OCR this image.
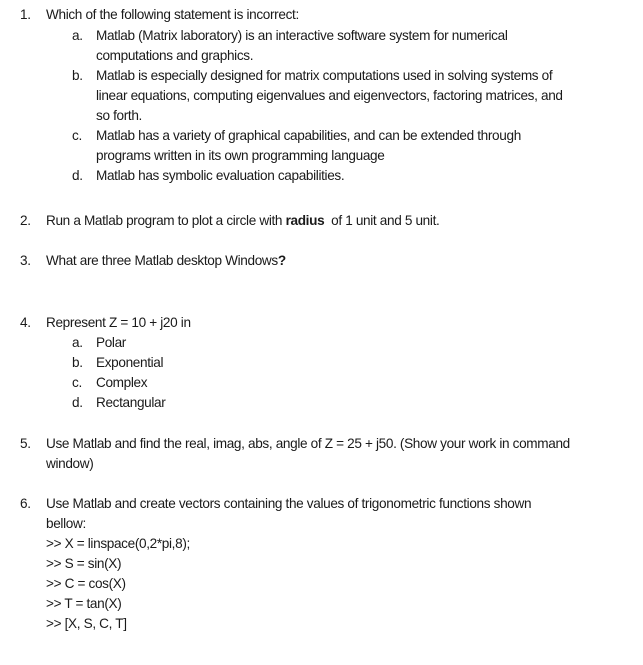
1. Which of the following statement is incorrect:
a. Matlab (Matrix laboratory) is an interactive software system for numerical
computations and graphics.
b. Matlab is especially designed for matrix computations used in solving systems of
linear equations, computing eigenvalues and eigenvectors, factoring matrices, and
so forth.
c. Matlab has a variety of graphical capabilities, and can be extended through
programs written in its own programming language
d. Matlab has symbolic evaluation capabilities.
2. Run a Matlab program to plot a circle with radius  of 1 unit and 5 unit.
3. What are three Matlab desktop Windows?
4. Represent Z = 10 + j20 in
a. Polar
b. Exponential
c. Complex
d. Rectangular
5. Use Matlab and find the real, imag, abs, angle of Z = 25 + j50. (Show your work in command
window)
6. Use Matlab and create vectors containing the values of trigonometric functions shown
bellow:
>> X = linspace(0,2*pi,8);
>> S = sin(X)
>> C = cos(X)
>> T = tan(X)
>> [X, S, C, T]
